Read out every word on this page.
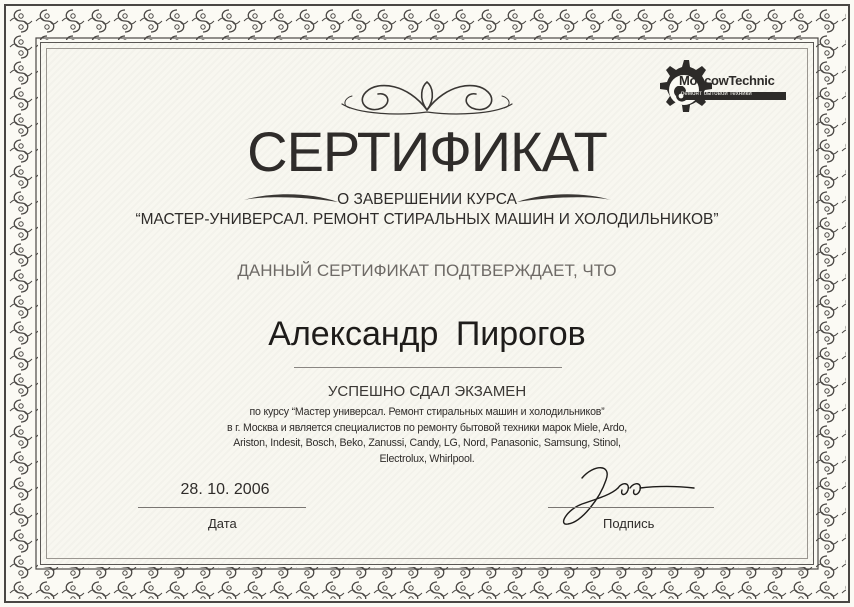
MoscowTechnic
ремонт бытовой техники
СЕРТИФИКАТ
О ЗАВЕРШЕНИИ КУРСА
“МАСТЕР-УНИВЕРСАЛ. РЕМОНТ СТИРАЛЬНЫХ МАШИН И ХОЛОДИЛЬНИКОВ”
ДАННЫЙ СЕРТИФИКАТ ПОДТВЕРЖДАЕТ, ЧТО
Александр Пирогов
УСПЕШНО СДАЛ ЭКЗАМЕН
по курсу “Мастер универсал. Ремонт стиральных машин и холодильников”
в г. Москва и является специалистов по ремонту бытовой техники марок Miele, Ardo,
Ariston, Indesit, Bosch, Beko, Zanussi, Candy, LG, Nord, Panasonic, Samsung, Stinol,
Electrolux, Whirlpool.
28. 10. 2006
Дата	Подпись
